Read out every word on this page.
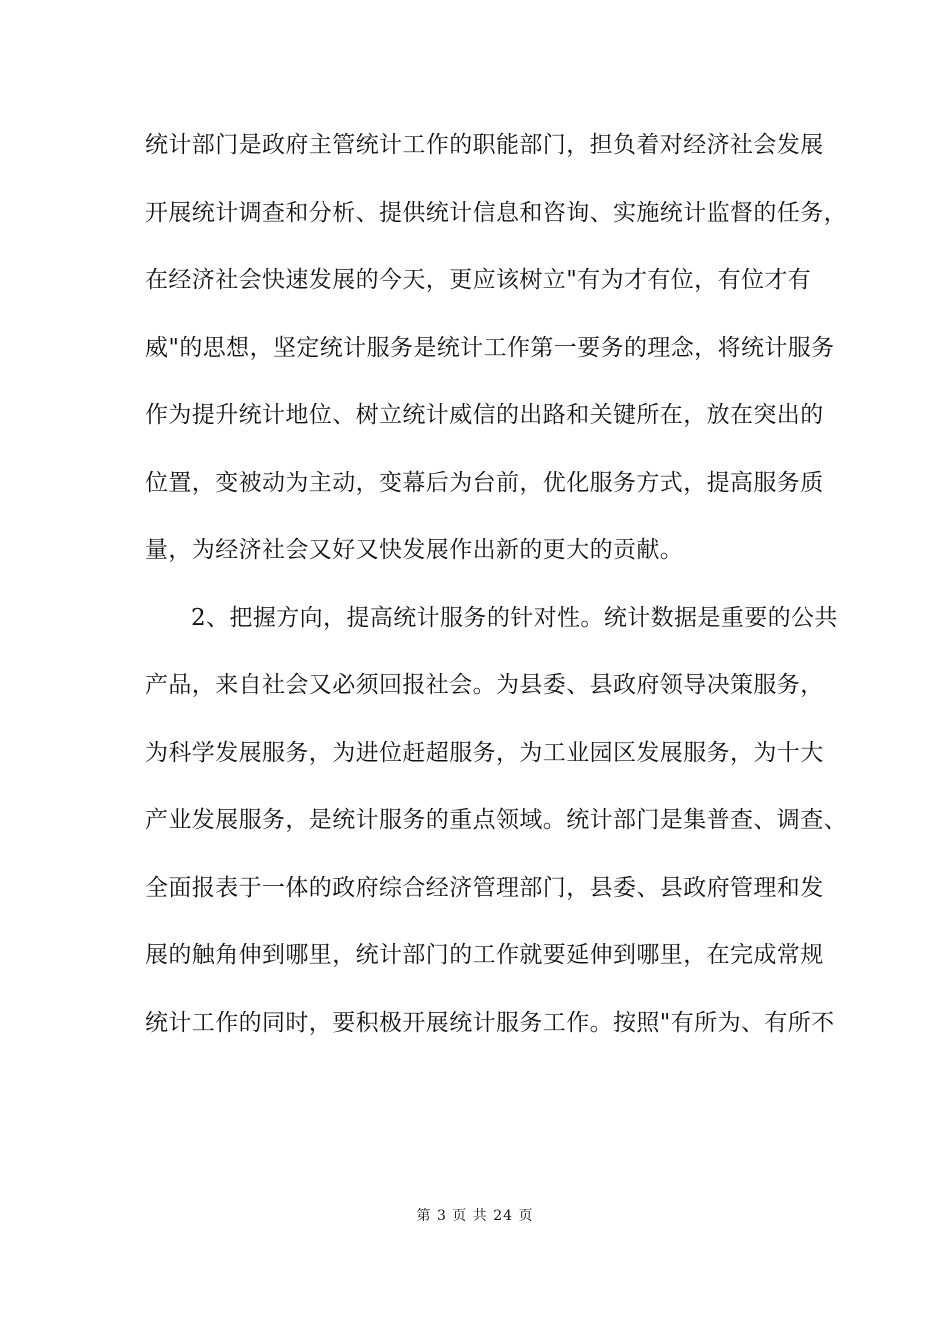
统计部门是政府主管统计工作的职能部门，担负着对经济社会发展
开展统计调查和分析、提供统计信息和咨询、实施统计监督的任务，
在经济社会快速发展的今天，更应该树立"有为才有位，有位才有
威"的思想，坚定统计服务是统计工作第一要务的理念，将统计服务
作为提升统计地位、树立统计威信的出路和关键所在，放在突出的
位置，变被动为主动，变幕后为台前，优化服务方式，提高服务质
量，为经济社会又好又快发展作出新的更大的贡献。
2、把握方向，提高统计服务的针对性。统计数据是重要的公共
产品，来自社会又必须回报社会。为县委、县政府领导决策服务，
为科学发展服务，为进位赶超服务，为工业园区发展服务，为十大
产业发展服务，是统计服务的重点领域。统计部门是集普查、调查、
全面报表于一体的政府综合经济管理部门，县委、县政府管理和发
展的触角伸到哪里，统计部门的工作就要延伸到哪里，在完成常规
统计工作的同时，要积极开展统计服务工作。按照"有所为、有所不
第 3 页 共 24 页
